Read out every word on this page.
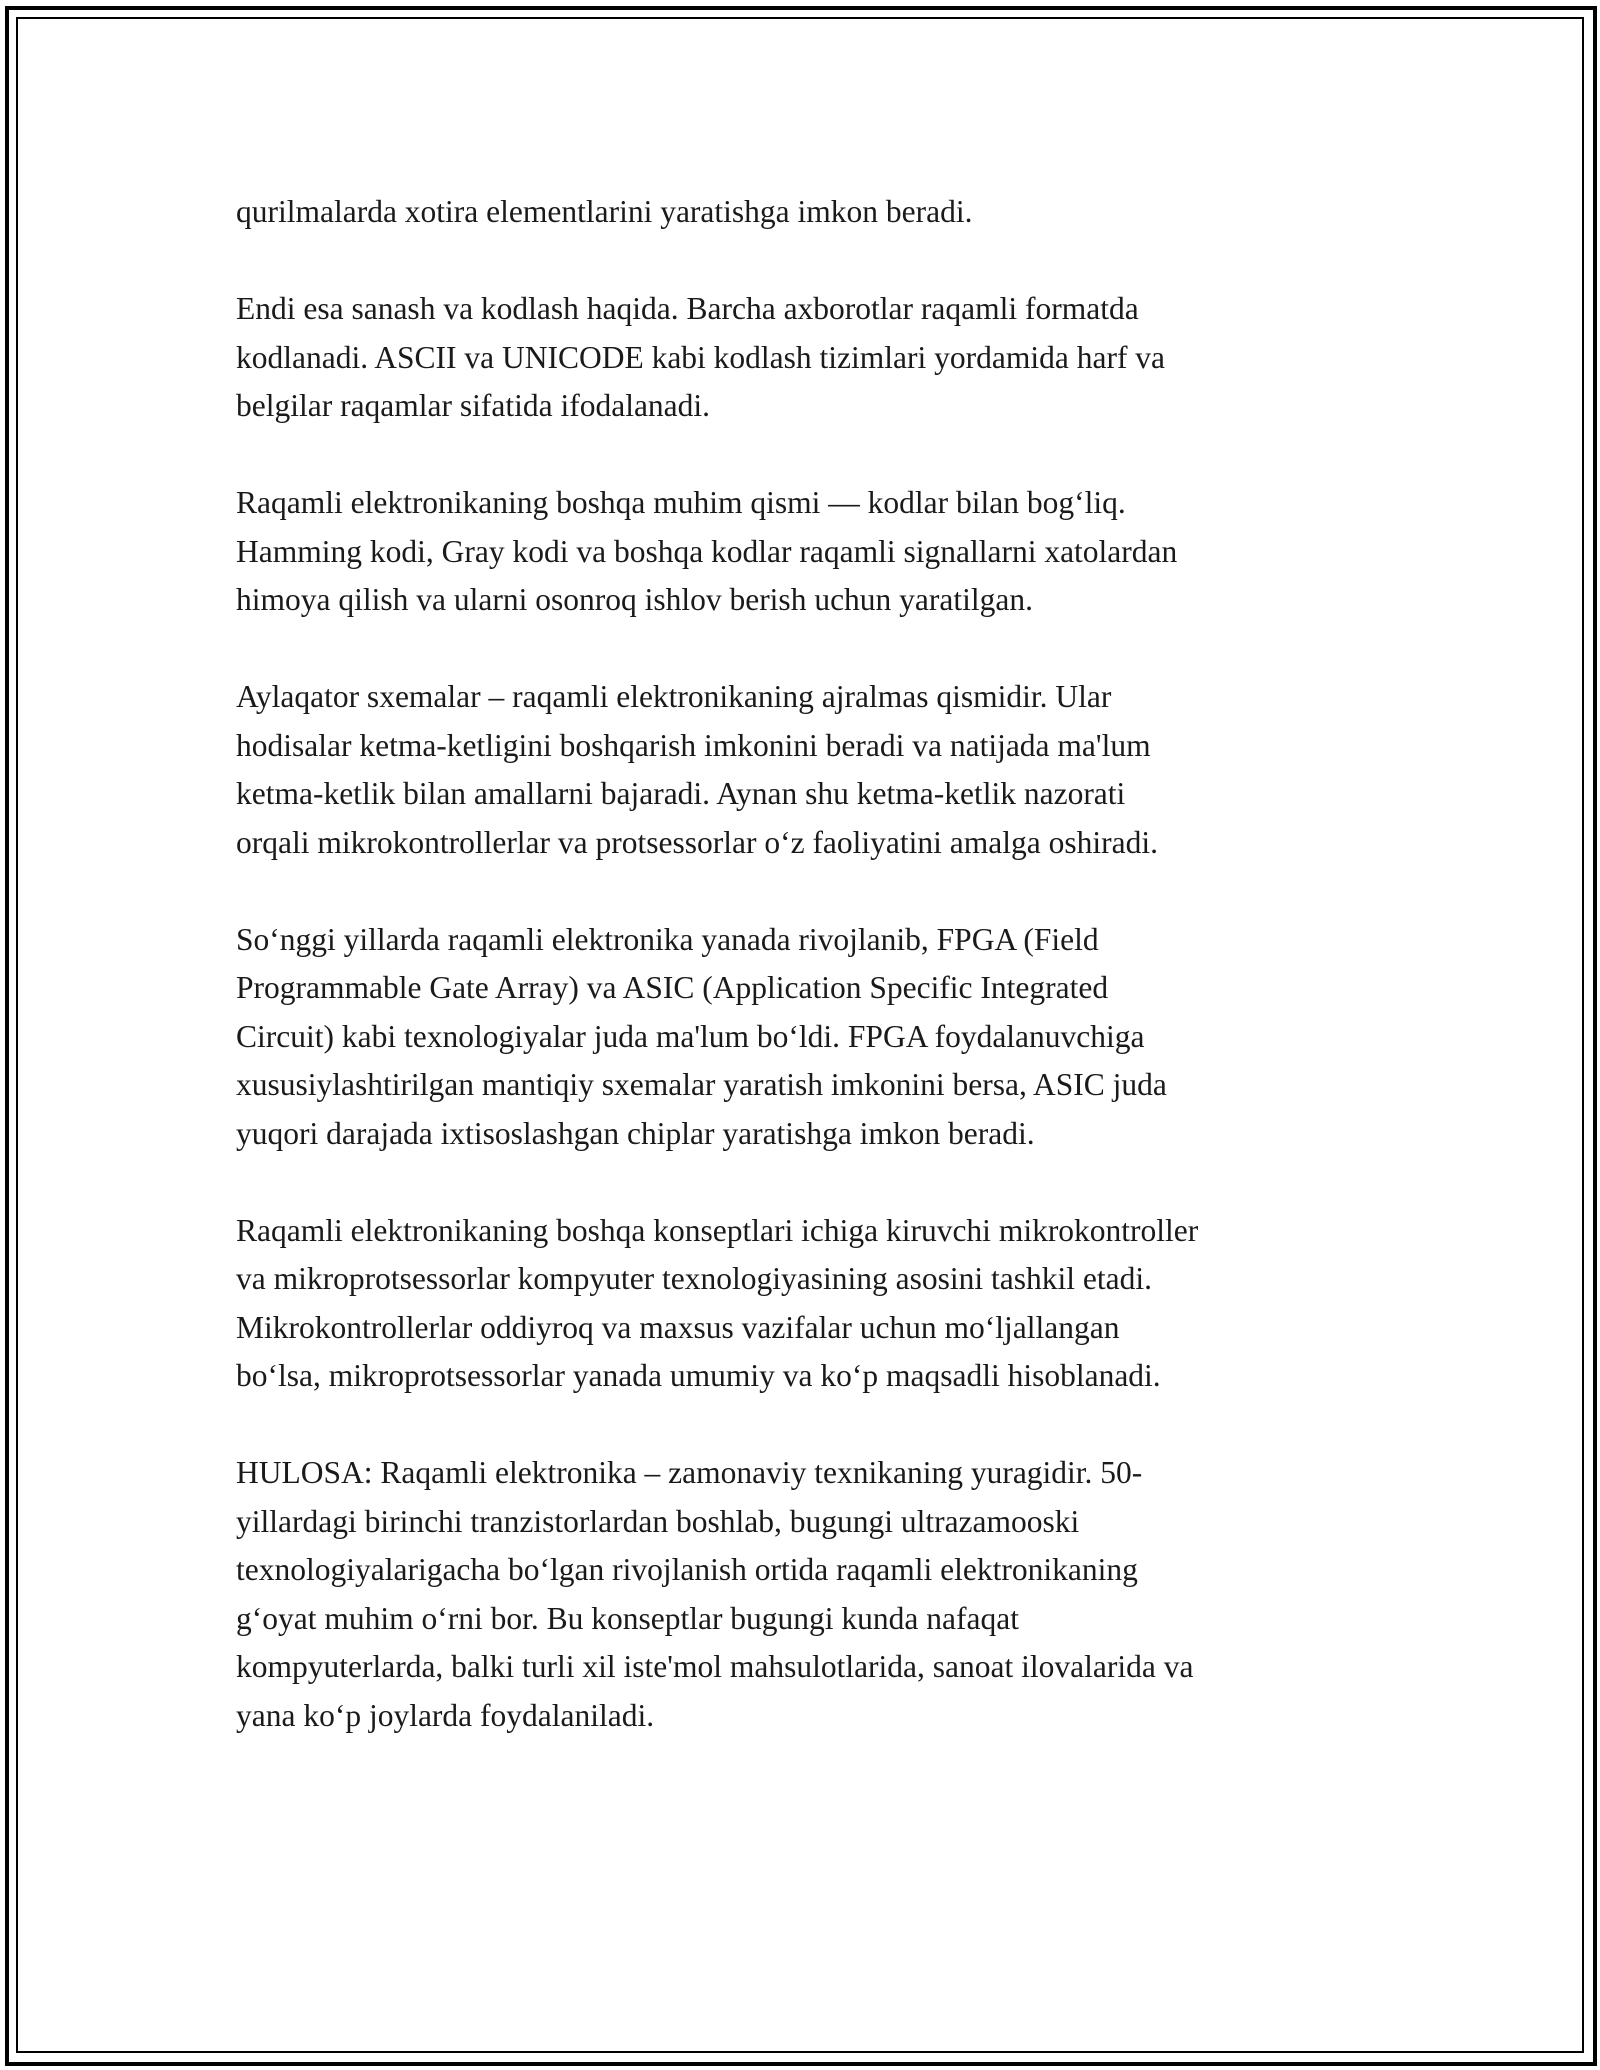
qurilmalarda xotira elementlarini yaratishga imkon beradi.

Endi esa sanash va kodlash haqida. Barcha axborotlar raqamli formatda
kodlanadi. ASCII va UNICODE kabi kodlash tizimlari yordamida harf va
belgilar raqamlar sifatida ifodalanadi.

Raqamli elektronikaning boshqa muhim qismi — kodlar bilan bog‘liq.
Hamming kodi, Gray kodi va boshqa kodlar raqamli signallarni xatolardan
himoya qilish va ularni osonroq ishlov berish uchun yaratilgan.

Aylaqator sxemalar – raqamli elektronikaning ajralmas qismidir. Ular
hodisalar ketma-ketligini boshqarish imkonini beradi va natijada ma'lum
ketma-ketlik bilan amallarni bajaradi. Aynan shu ketma-ketlik nazorati
orqali mikrokontrollerlar va protsessorlar o‘z faoliyatini amalga oshiradi.

So‘nggi yillarda raqamli elektronika yanada rivojlanib, FPGA (Field
Programmable Gate Array) va ASIC (Application Specific Integrated
Circuit) kabi texnologiyalar juda ma'lum bo‘ldi. FPGA foydalanuvchiga
xususiylashtirilgan mantiqiy sxemalar yaratish imkonini bersa, ASIC juda
yuqori darajada ixtisoslashgan chiplar yaratishga imkon beradi.

Raqamli elektronikaning boshqa konseptlari ichiga kiruvchi mikrokontroller
va mikroprotsessorlar kompyuter texnologiyasining asosini tashkil etadi.
Mikrokontrollerlar oddiyroq va maxsus vazifalar uchun mo‘ljallangan
bo‘lsa, mikroprotsessorlar yanada umumiy va ko‘p maqsadli hisoblanadi.

HULOSA: Raqamli elektronika – zamonaviy texnikaning yuragidir. 50-
yillardagi birinchi tranzistorlardan boshlab, bugungi ultrazamooski
texnologiyalarigacha bo‘lgan rivojlanish ortida raqamli elektronikaning
g‘oyat muhim o‘rni bor. Bu konseptlar bugungi kunda nafaqat
kompyuterlarda, balki turli xil iste'mol mahsulotlarida, sanoat ilovalarida va
yana ko‘p joylarda foydalaniladi.
